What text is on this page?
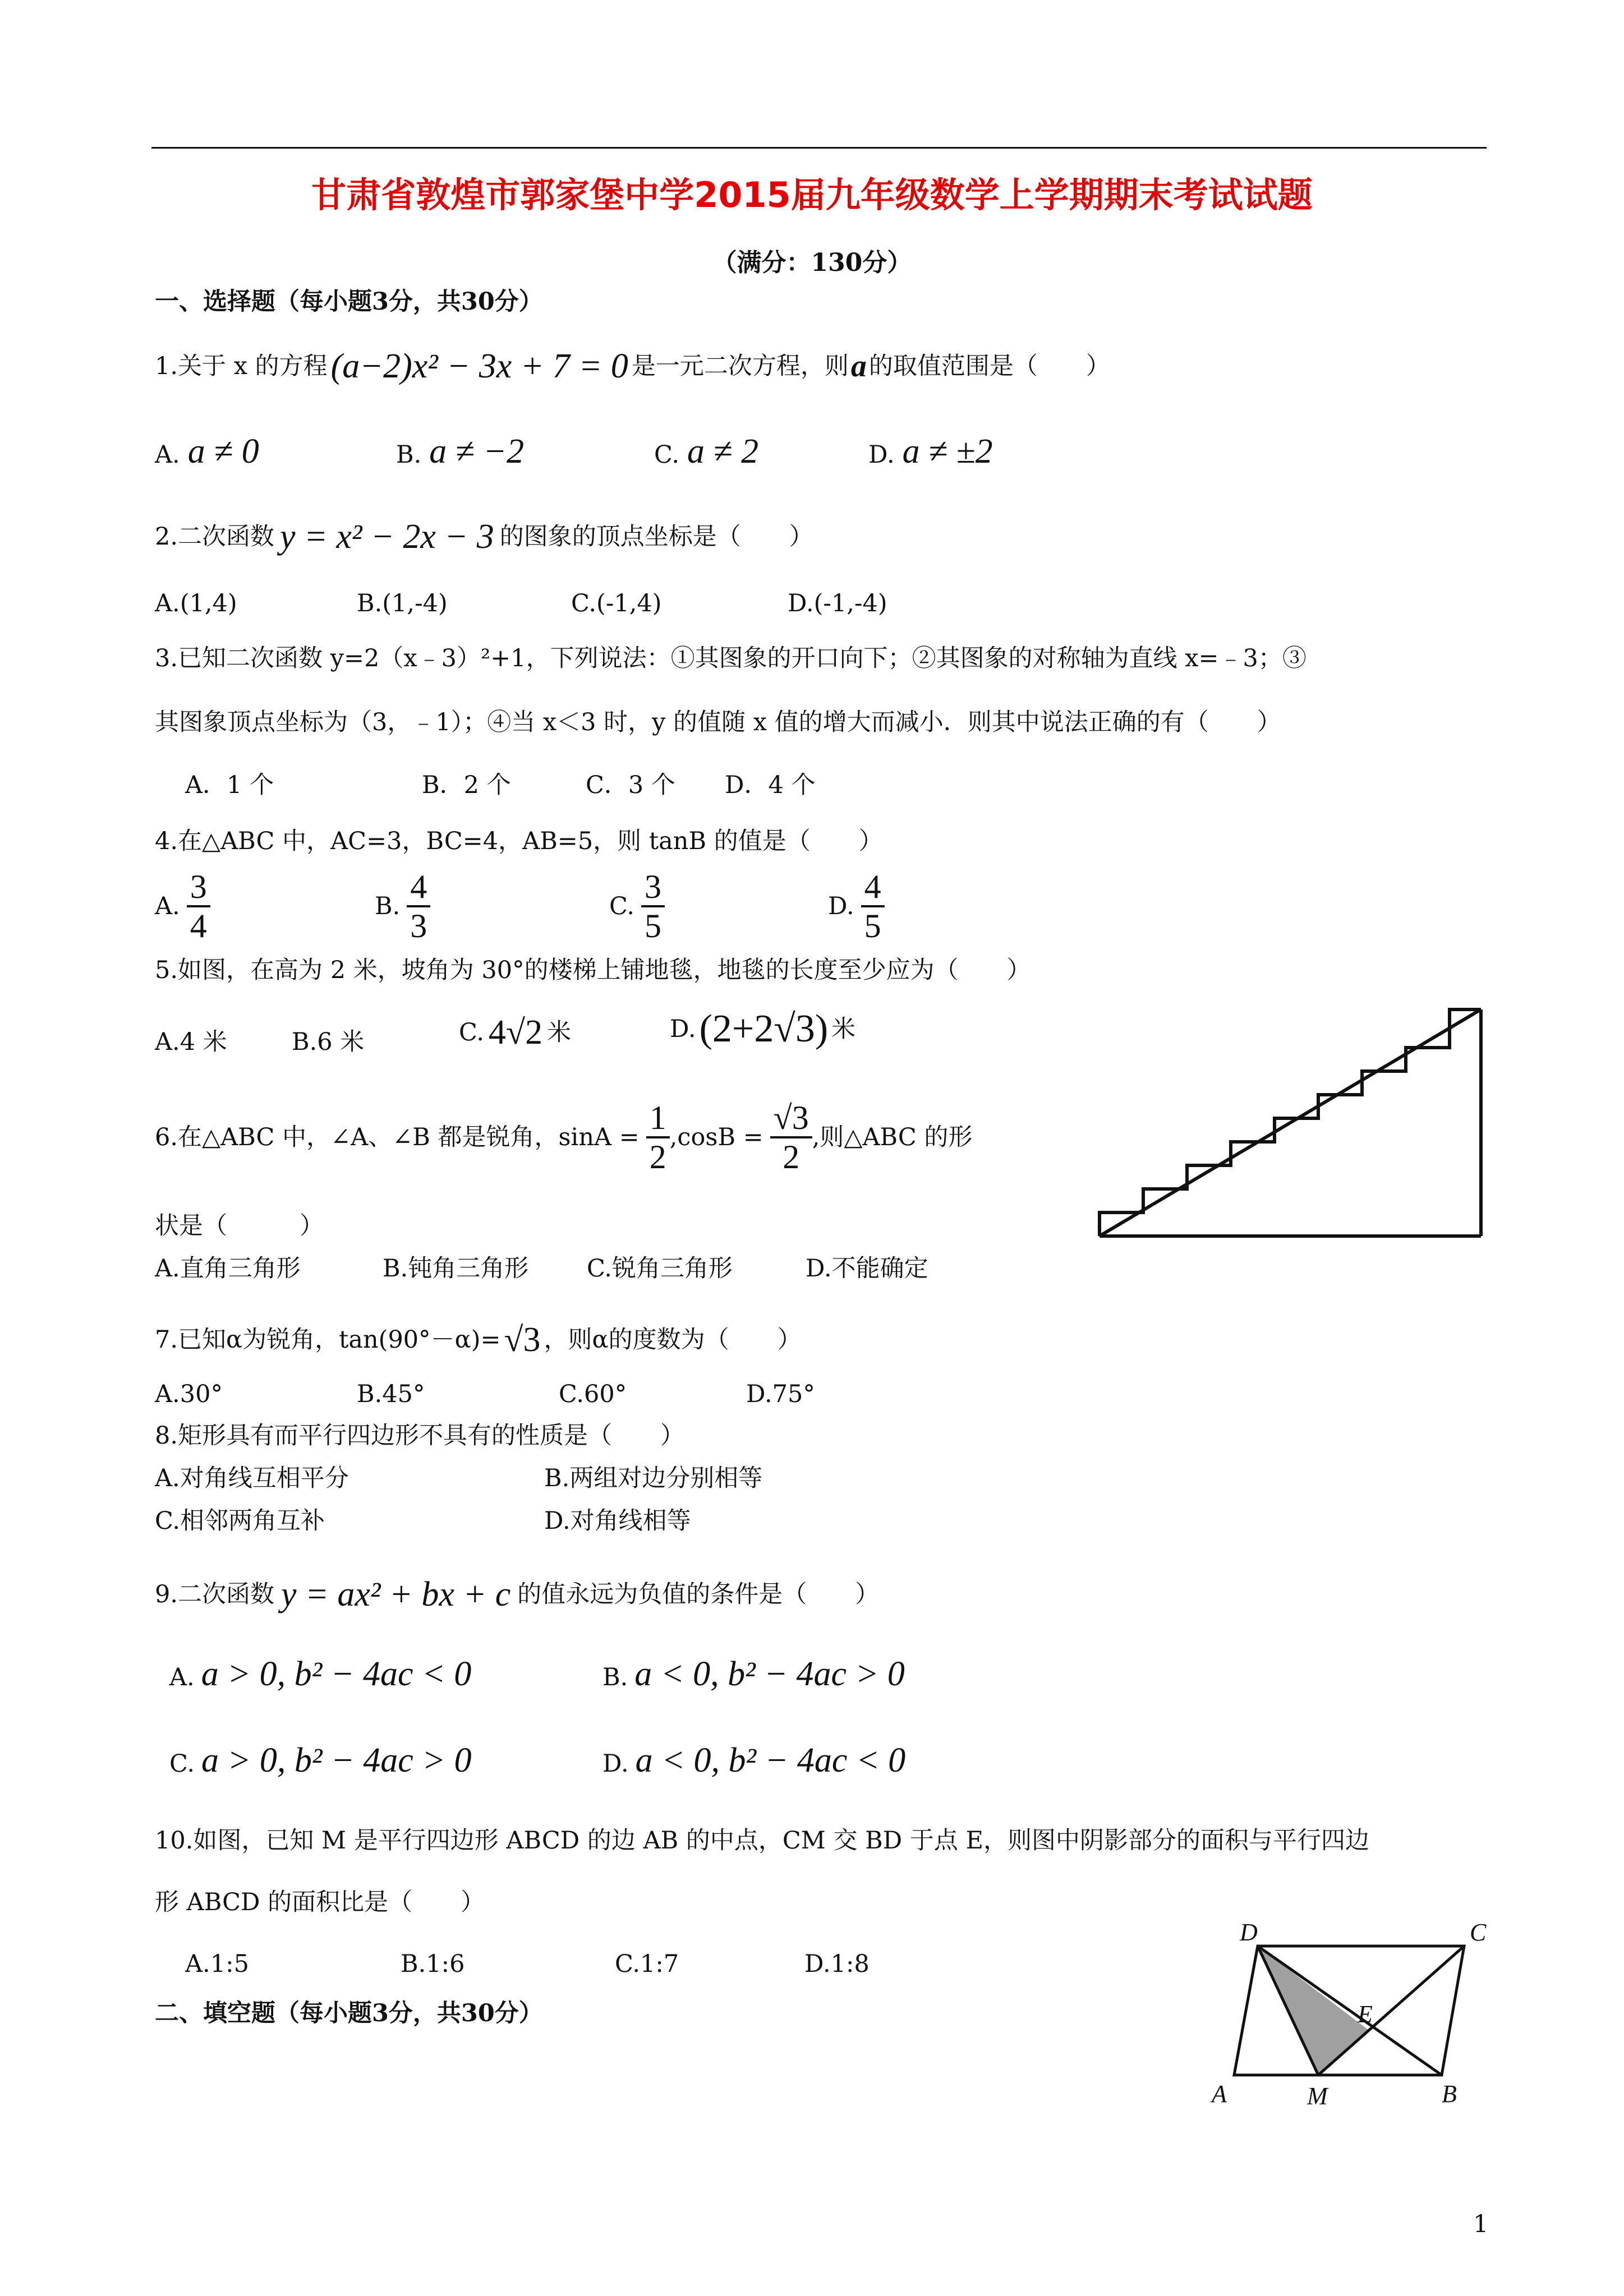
甘肃省敦煌市郭家堡中学2015届九年级数学上学期期末考试试题
（满分：130分）
一、选择题（每小题3分，共30分）
1.关于 x 的方程 (a−2)x² − 3x + 7 = 0 是一元二次方程，则 a 的取值范围是（　　）
A. a ≠ 0	B. a ≠ −2	C. a ≠ 2	D. a ≠ ±2
2.二次函数 y = x² − 2x − 3 的图象的顶点坐标是（　　）
A.(1,4)	B.(1,-4)	C.(-1,4)	D.(-1,-4)
3.已知二次函数 y=2（x﹣3）²+1，下列说法：①其图象的开口向下；②其图象的对称轴为直线 x=﹣3；③
其图象顶点坐标为（3，﹣1）；④当 x＜3 时，y 的值随 x 值的增大而减小．则其中说法正确的有（　　）
A．1 个	B．2 个	C．3 个 D．4 个
4.在△ABC 中，AC=3，BC=4，AB=5，则 tanB 的值是（　　）
A. $\frac{3}{4}$	B. $\frac{4}{3}$	C. $\frac{3}{5}$	D. $\frac{4}{5}$
5.如图，在高为 2 米，坡角为 30°的楼梯上铺地毯，地毯的长度至少应为（　　）
A.4 米	B.6 米	C. 4√2 米	D. (2+2√3) 米
6.在△ABC 中，∠A、∠B 都是锐角，$\sin A = \frac{1}{2} ,\cos B = \frac{√3}{2}$ ,则△ABC 的形
状是（　　　）
A.直角三角形	B.钝角三角形 C.锐角三角形	D.不能确定
7.已知α为锐角，tan(90°－α)= √3 ，则α的度数为（　　）
A.30°	B.45°	C.60°	D.75°
8.矩形具有而平行四边形不具有的性质是（　　）
A.对角线互相平分	B.两组对边分别相等
C.相邻两角互补	D.对角线相等
9.二次函数 y = ax² + bx + c 的值永远为负值的条件是（　　）
A. a > 0, b² − 4ac < 0	B. a < 0, b² − 4ac > 0
C. a > 0, b² − 4ac > 0	D. a < 0, b² − 4ac < 0
10.如图，已知 M 是平行四边形 ABCD 的边 AB 的中点，CM 交 BD 于点 E，则图中阴影部分的面积与平行四边
形 ABCD 的面积比是（　　）
A.1:5	B.1:6	C.1:7	D.1:8
D	C
E
A	M	B
二、填空题（每小题3分，共30分）
1
